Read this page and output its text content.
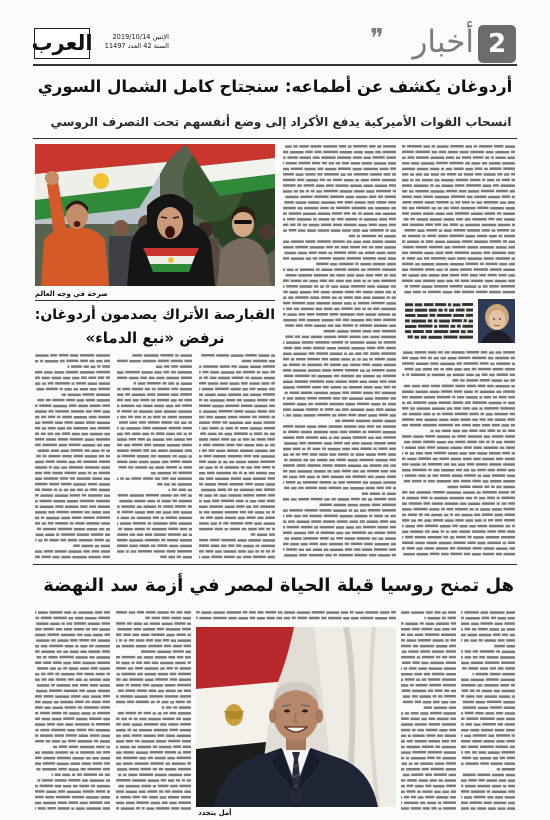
العرب	الإثنين 2019/10/14
السنة 42 العدد 11497	❞ أخبار 2
أردوغان يكشف عن أطماعه: سنجتاح كامل الشمال السوري
انسحاب القوات الأميركية يدفع الأكراد إلى وضع أنفسهم تحت التصرف الروسي
صرخة في وجه العالم
القبارصة الأتراك يصدمون أردوغان:
نرفض «نبع الدماء»
هل تمنح روسيا قبلة الحياة لمصر في أزمة سد النهضة
أمل يتجدد
